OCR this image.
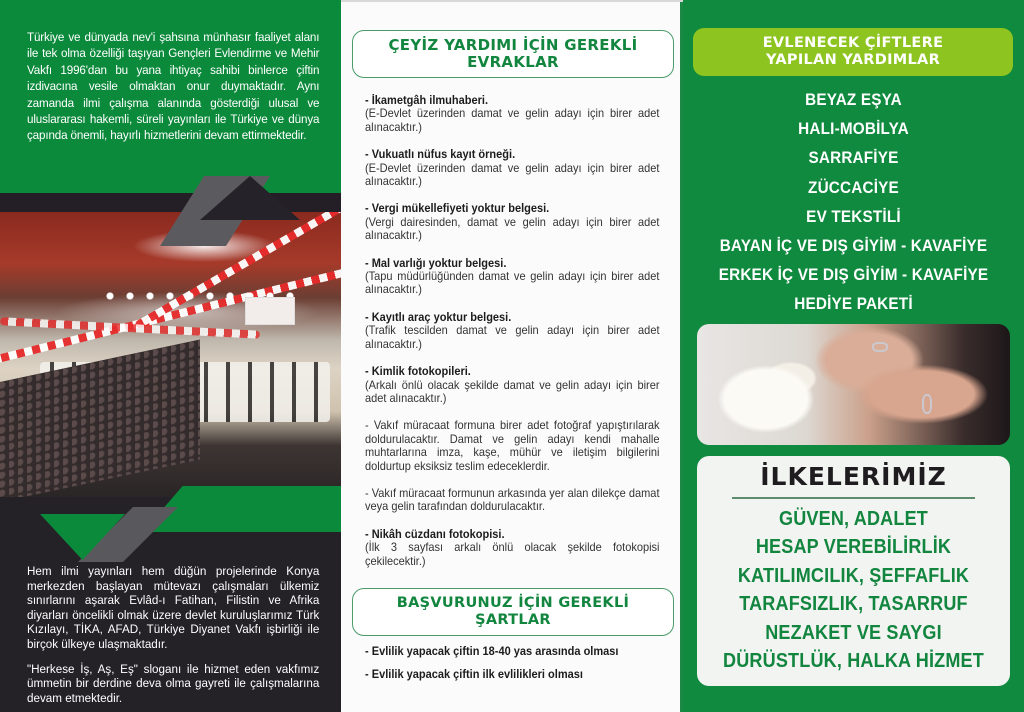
Türkiye ve dünyada nev'i şahsına münhasır faaliyet alanı ile tek olma özelliği taşıyan Gençleri Evlendirme ve Mehir Vakfı 1996'dan bu yana ihtiyaç sahibi binlerce çiftin izdivacına vesile olmaktan onur duymaktadır. Aynı zamanda ilmi çalışma alanında gösterdiği ulusal ve uluslararası hakemli, süreli yayınları ile Türkiye ve dünya çapında önemli, hayırlı hizmetlerini devam ettirmektedir.

Hem ilmi yayınları hem düğün projelerinde Konya merkezden başlayan mütevazı çalışmaları ülkemiz sınırlarını aşarak Evlâd-ı Fatihan, Filistin ve Afrika diyarları öncelikli olmak üzere devlet kuruluşlarımız Türk Kızılayı, TİKA, AFAD, Türkiye Diyanet Vakfı işbirliği ile birçok ülkeye ulaşmaktadır.

"Herkese İş, Aş, Eş" sloganı ile hizmet eden vakfımız ümmetin bir derdine deva olma gayreti ile çalışmalarına devam etmektedir.

ÇEYİZ YARDIMI İÇİN GEREKLİ
EVRAKLAR
- İkametgâh ilmuhaberi.
(E-Devlet üzerinden damat ve gelin adayı için birer adet alınacaktır.)
- Vukuatlı nüfus kayıt örneği.
(E-Devlet üzerinden damat ve gelin adayı için birer adet alınacaktır.)
- Vergi mükellefiyeti yoktur belgesi.
(Vergi dairesinden, damat ve gelin adayı için birer adet alınacaktır.)
- Mal varlığı yoktur belgesi.
(Tapu müdürlüğünden damat ve gelin adayı için birer adet alınacaktır.)
- Kayıtlı araç yoktur belgesi.
(Trafik tescilden damat ve gelin adayı için birer adet alınacaktır.)
- Kimlik fotokopileri.
(Arkalı önlü olacak şekilde damat ve gelin adayı için birer adet alınacaktır.)
- Vakıf müracaat formuna birer adet fotoğraf yapıştırılarak doldurulacaktır. Damat ve gelin adayı kendi mahalle muhtarlarına imza, kaşe, mühür ve iletişim bilgilerini doldurtup eksiksiz teslim edeceklerdir.
- Vakıf müracaat formunun arkasında yer alan dilekçe damat veya gelin tarafından doldurulacaktır.
- Nikâh cüzdanı fotokopisi.
(İlk 3 sayfası arkalı önlü olacak şekilde fotokopisi çekilecektir.)
BAŞVURUNUZ İÇİN GEREKLİ
ŞARTLAR
- Evlilik yapacak çiftin 18-40 yas arasında olması
- Evlilik yapacak çiftin ilk evlilikleri olması
EVLENECEK ÇİFTLERE
YAPILAN YARDIMLAR
BEYAZ EŞYA
HALI-MOBİLYA
SARRAFİYE
ZÜCCACİYE
EV TEKSTİLİ
BAYAN İÇ VE DIŞ GİYİM - KAVAFİYE
ERKEK İÇ VE DIŞ GİYİM - KAVAFİYE
HEDİYE PAKETİ
İLKELERİMİZ
GÜVEN, ADALET
HESAP VEREBİLİRLİK
KATILIMCILIK, ŞEFFAFLIK
TARAFSIZLIK, TASARRUF
NEZAKET VE SAYGI
DÜRÜSTLÜK, HALKA HİZMET
